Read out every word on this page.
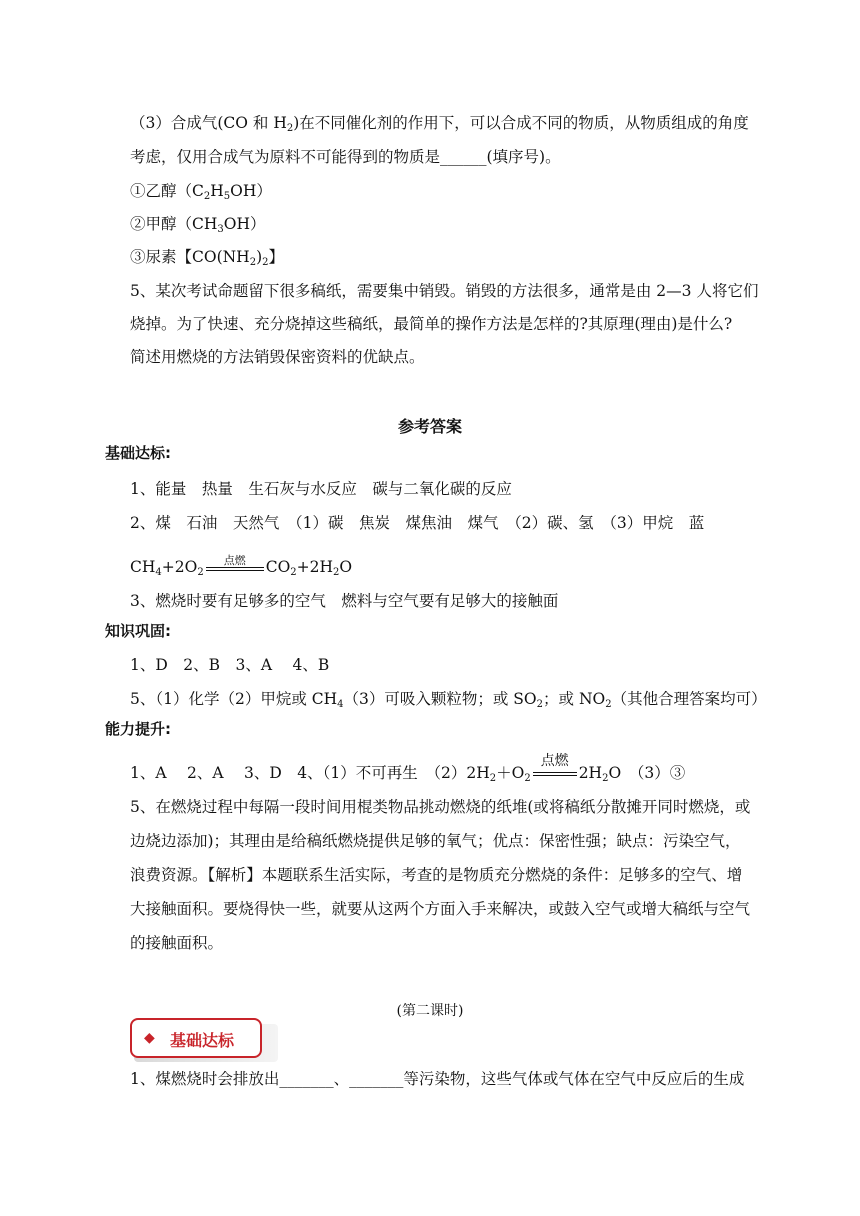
（3）合成气(CO 和 $H_2$)在不同催化剂的作用下，可以合成不同的物质，从物质组成的角度
考虑，仅用合成气为原料不可能得到的物质是______(填序号)。
①乙醇$(C_2H_5OH)$
②甲醇$(CH_3OH)$
③尿素【$CO(NH_2)_2$】
5、某次考试命题留下很多稿纸，需要集中销毁。销毁的方法很多，通常是由 2—3 人将它们
烧掉。为了快速、充分烧掉这些稿纸，最简单的操作方法是怎样的?其原理(理由)是什么?
简述用燃烧的方法销毁保密资料的优缺点。
参考答案
基础达标:
1、能量　热量　生石灰与水反应　碳与二氧化碳的反应
2、煤　石油　天然气　（1）碳　焦炭　煤焦油　煤气　（2）碳、氢　（3）甲烷　蓝
$CH_4+2O_2$
点燃	$CO_2+2H_2O$
3、燃烧时要有足够多的空气　燃料与空气要有足够大的接触面
知识巩固:
1、D　2、B　3、A　 4、B
5、（1）化学（2）甲烷或 $CH_4(3)$可吸入颗粒物；或 $SO_2$；或 $NO_2$（其他合理答案均可）
能力提升:
1、A　 2、A　 3、D　4、（1）不可再生　$(2)2H_2+O_2$
点燃
$2H_2O$　（3）③
5、在燃烧过程中每隔一段时间用棍类物品挑动燃烧的纸堆(或将稿纸分散摊开同时燃烧，或
边烧边添加)；其理由是给稿纸燃烧提供足够的氧气；优点：保密性强；缺点：污染空气，
浪费资源。【解析】本题联系生活实际，考查的是物质充分燃烧的条件：足够多的空气、增
大接触面积。要烧得快一些，就要从这两个方面入手来解决，或鼓入空气或增大稿纸与空气
的接触面积。
(第二课时)
◆ 基础达标
1、煤燃烧时会排放出_______、_______等污染物，这些气体或气体在空气中反应后的生成
